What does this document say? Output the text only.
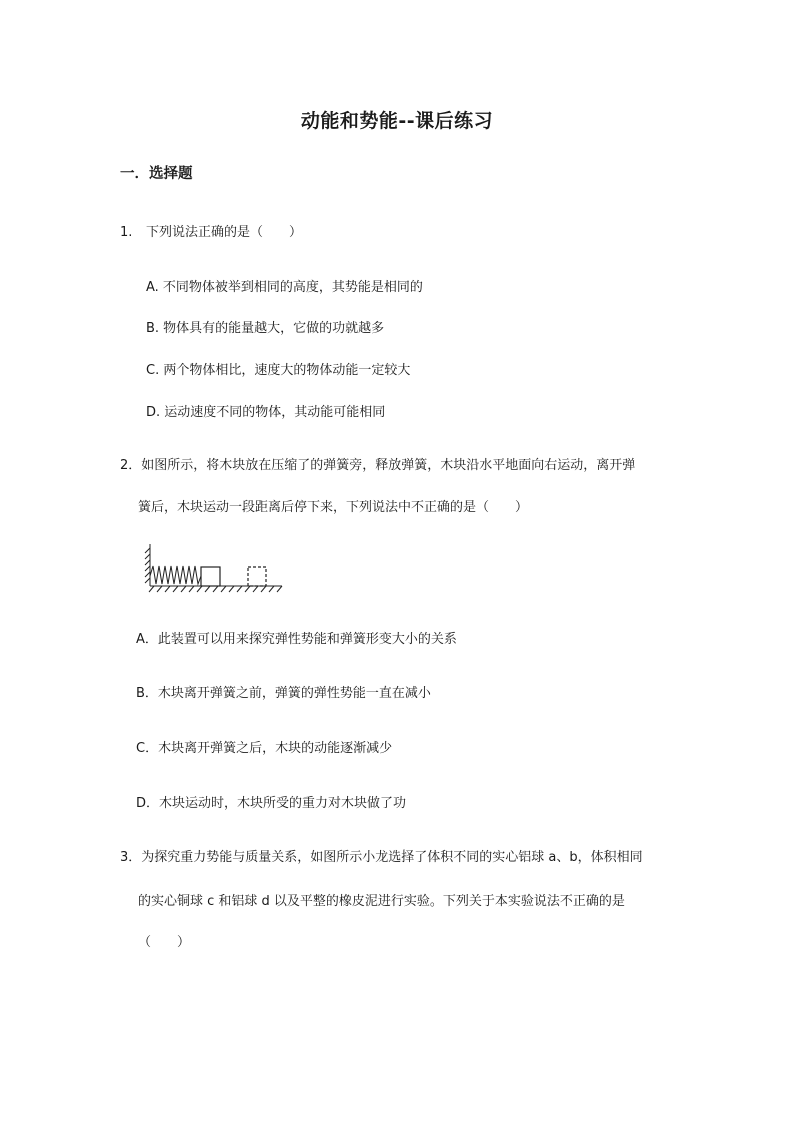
动能和势能--课后练习
一．选择题
1. 下列说法正确的是（　　）
A. 不同物体被举到相同的高度，其势能是相同的
B. 物体具有的能量越大，它做的功就越多
C. 两个物体相比，速度大的物体动能一定较大
D. 运动速度不同的物体，其动能可能相同
2．如图所示，将木块放在压缩了的弹簧旁，释放弹簧，木块沿水平地面向右运动，离开弹
簧后，木块运动一段距离后停下来，下列说法中不正确的是（　　）
A．此装置可以用来探究弹性势能和弹簧形变大小的关系
B．木块离开弹簧之前，弹簧的弹性势能一直在减小
C．木块离开弹簧之后，木块的动能逐渐减少
D．木块运动时，木块所受的重力对木块做了功
3．为探究重力势能与质量关系，如图所示小龙选择了体积不同的实心铝球 a、b，体积相同
的实心铜球 c 和铝球 d 以及平整的橡皮泥进行实验。下列关于本实验说法不正确的是
（　　）
